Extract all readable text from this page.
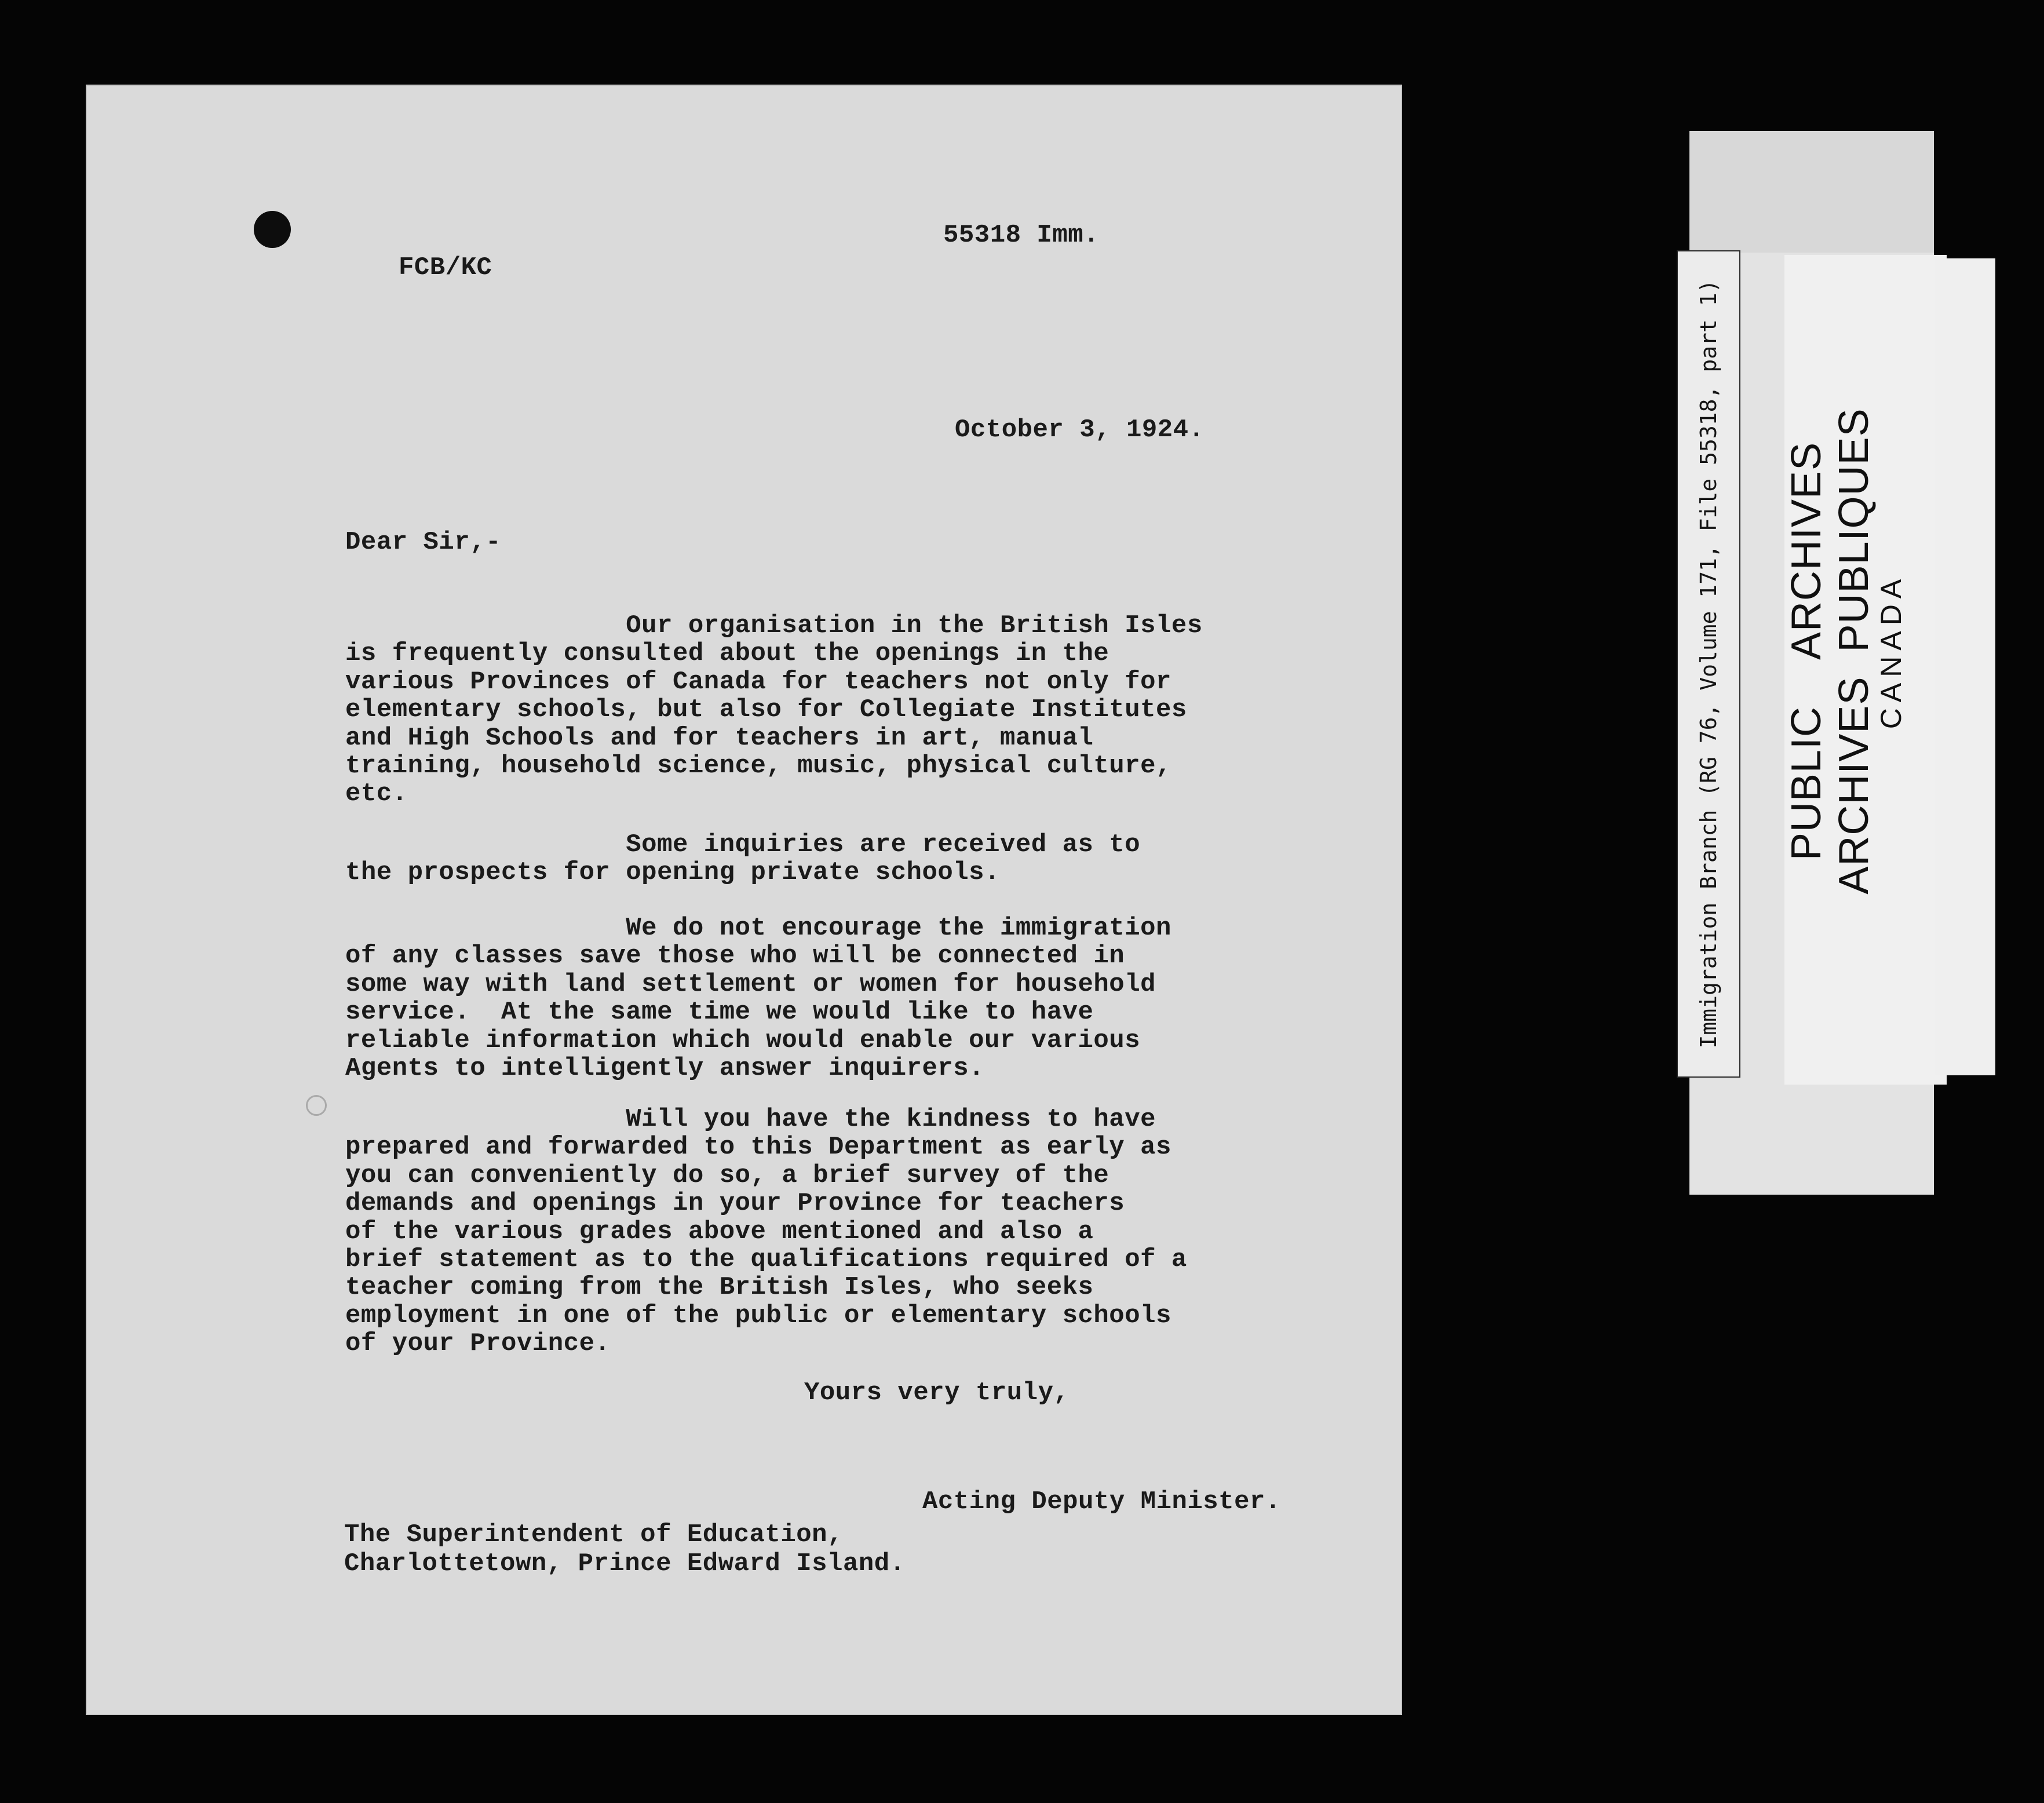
55318 Imm.
FCB/KC
October 3, 1924.
Dear Sir,-
Our organisation in the British Isles
is frequently consulted about the openings in the
various Provinces of Canada for teachers not only for
elementary schools, but also for Collegiate Institutes
and High Schools and for teachers in art, manual
training, household science, music, physical culture,
etc.
Some inquiries are received as to
the prospects for opening private schools.
We do not encourage the immigration
of any classes save those who will be connected in
some way with land settlement or women for household
service.  At the same time we would like to have
reliable information which would enable our various
Agents to intelligently answer inquirers.
Will you have the kindness to have
prepared and forwarded to this Department as early as
you can conveniently do so, a brief survey of the
demands and openings in your Province for teachers
of the various grades above mentioned and also a
brief statement as to the qualifications required of a
teacher coming from the British Isles, who seeks
employment in one of the public or elementary schools
of your Province.
Yours very truly,
Acting Deputy Minister.
The Superintendent of Education,
Charlottetown, Prince Edward Island.
Immigration Branch (RG 76, Volume 171, File 55318, part 1) PUBLIC    ARCHIVES ARCHIVES  PUBLIQUES
CANADA
